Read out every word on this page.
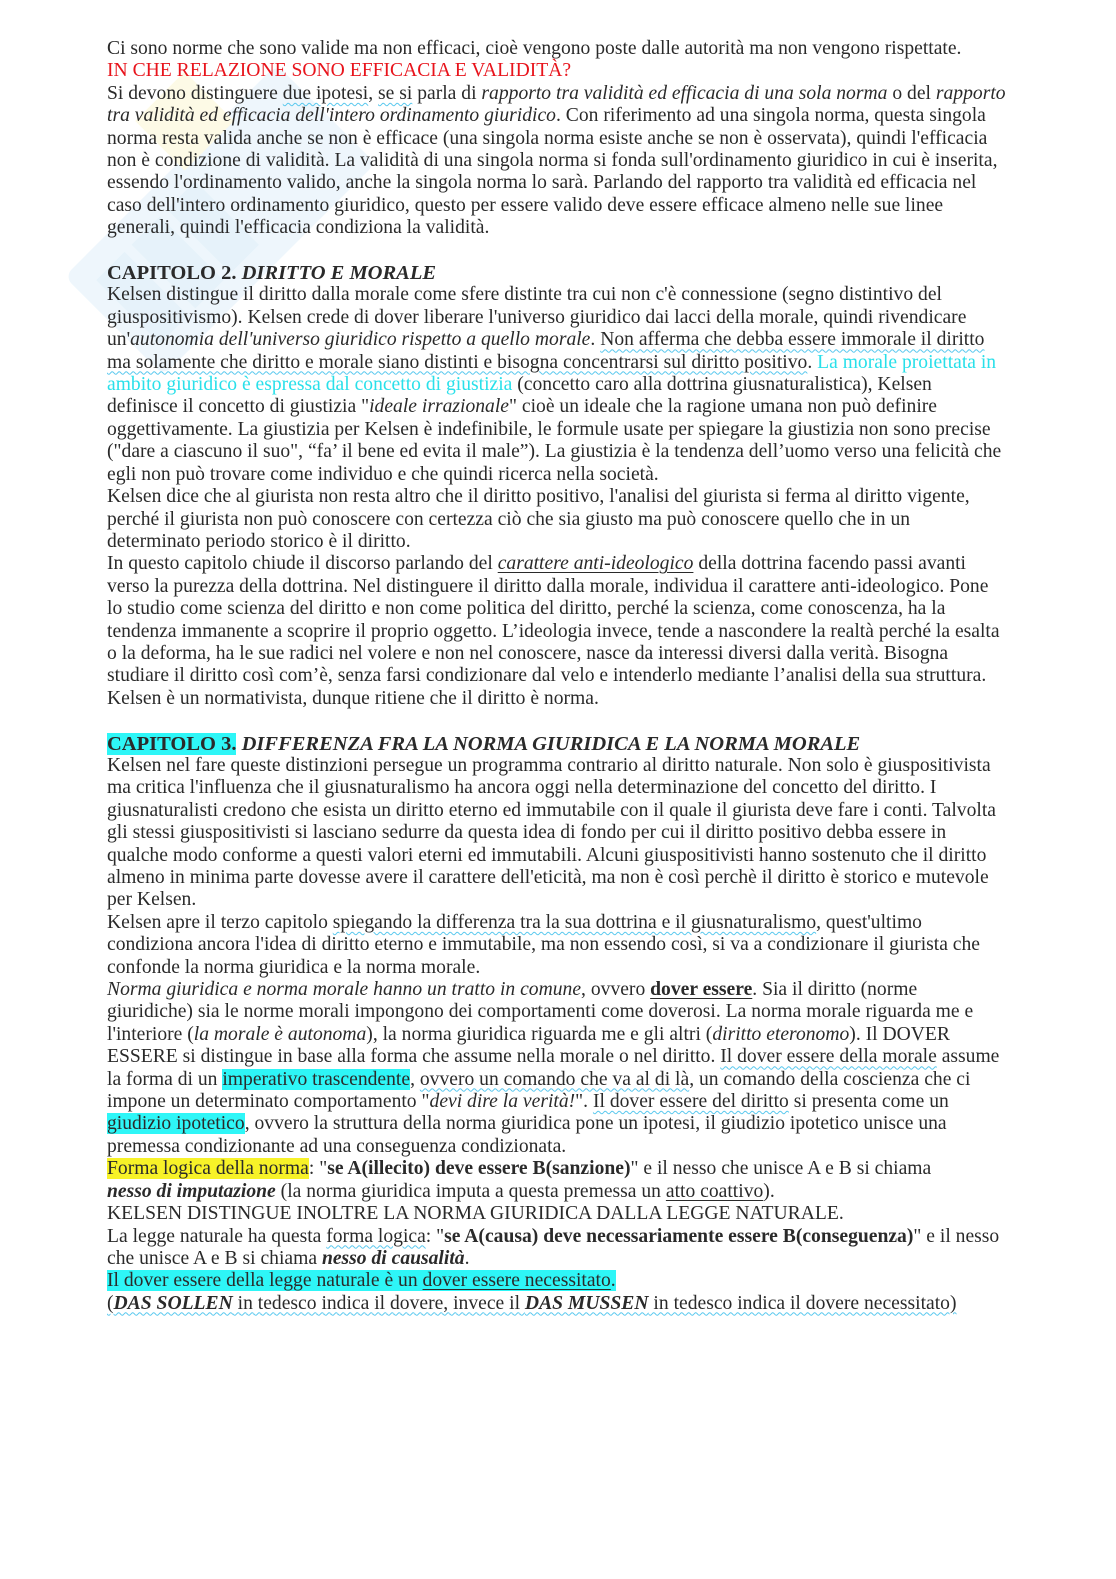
Ci sono norme che sono valide ma non efficaci, cioè vengono poste dalle autorità ma non vengono rispettate.

IN CHE RELAZIONE SONO EFFICACIA E VALIDITÀ?

Si devono distinguere due ipotesi, se si parla di rapporto tra validità ed efficacia di una sola norma o del rapporto tra validità ed efficacia dell'intero ordinamento giuridico. Con riferimento ad una singola norma, questa singola norma resta valida anche se non è efficace (una singola norma esiste anche se non è osservata), quindi l'efficacia non è condizione di validità. La validità di una singola norma si fonda sull'ordinamento giuridico in cui è inserita, essendo l'ordinamento valido, anche la singola norma lo sarà. Parlando del rapporto tra validità ed efficacia nel caso dell'intero ordinamento giuridico, questo per essere valido deve essere efficace almeno nelle sue linee generali, quindi l'efficacia condiziona la validità.

CAPITOLO 2. DIRITTO E MORALE

Kelsen distingue il diritto dalla morale come sfere distinte tra cui non c'è connessione (segno distintivo del giuspositivismo). Kelsen crede di dover liberare l'universo giuridico dai lacci della morale, quindi rivendicare un'autonomia dell'universo giuridico rispetto a quello morale. Non afferma che debba essere immorale il diritto ma solamente che diritto e morale siano distinti e bisogna concentrarsi sul diritto positivo. La morale proiettata in ambito giuridico è espressa dal concetto di giustizia (concetto caro alla dottrina giusnaturalistica), Kelsen definisce il concetto di giustizia "ideale irrazionale" cioè un ideale che la ragione umana non può definire oggettivamente. La giustizia per Kelsen è indefinibile, le formule usate per spiegare la giustizia non sono precise ("dare a ciascuno il suo", “fa’ il bene ed evita il male”). La giustizia è la tendenza dell’uomo verso una felicità che egli non può trovare come individuo e che quindi ricerca nella società.

Kelsen dice che al giurista non resta altro che il diritto positivo, l'analisi del giurista si ferma al diritto vigente, perché il giurista non può conoscere con certezza ciò che sia giusto ma può conoscere quello che in un determinato periodo storico è il diritto.

In questo capitolo chiude il discorso parlando del carattere anti-ideologico della dottrina facendo passi avanti verso la purezza della dottrina. Nel distinguere il diritto dalla morale, individua il carattere anti-ideologico. Pone lo studio come scienza del diritto e non come politica del diritto, perché la scienza, come conoscenza, ha la tendenza immanente a scoprire il proprio oggetto. L’ideologia invece, tende a nascondere la realtà perché la esalta o la deforma, ha le sue radici nel volere e non nel conoscere, nasce da interessi diversi dalla verità. Bisogna studiare il diritto così com’è, senza farsi condizionare dal velo e intenderlo mediante l’analisi della sua struttura.

Kelsen è un normativista, dunque ritiene che il diritto è norma.

CAPITOLO 3. DIFFERENZA FRA LA NORMA GIURIDICA E LA NORMA MORALE

Kelsen nel fare queste distinzioni persegue un programma contrario al diritto naturale. Non solo è giuspositivista ma critica l'influenza che il giusnaturalismo ha ancora oggi nella determinazione del concetto del diritto. I giusnaturalisti credono che esista un diritto eterno ed immutabile con il quale il giurista deve fare i conti. Talvolta gli stessi giuspositivisti si lasciano sedurre da questa idea di fondo per cui il diritto positivo debba essere in qualche modo conforme a questi valori eterni ed immutabili. Alcuni giuspositivisti hanno sostenuto che il diritto almeno in minima parte dovesse avere il carattere dell'eticità, ma non è così perchè il diritto è storico e mutevole per Kelsen.

Kelsen apre il terzo capitolo spiegando la differenza tra la sua dottrina e il giusnaturalismo, quest'ultimo condiziona ancora l'idea di diritto eterno e immutabile, ma non essendo così, si va a condizionare il giurista che confonde la norma giuridica e la norma morale.

Norma giuridica e norma morale hanno un tratto in comune, ovvero dover essere. Sia il diritto (norme giuridiche) sia le norme morali impongono dei comportamenti come doverosi. La norma morale riguarda me e l'interiore (la morale è autonoma), la norma giuridica riguarda me e gli altri (diritto eteronomo). Il DOVER ESSERE si distingue in base alla forma che assume nella morale o nel diritto. Il dover essere della morale assume la forma di un imperativo trascendente, ovvero un comando che va al di là, un comando della coscienza che ci impone un determinato comportamento "devi dire la verità!". Il dover essere del diritto si presenta come un giudizio ipotetico, ovvero la struttura della norma giuridica pone un ipotesi, il giudizio ipotetico unisce una premessa condizionante ad una conseguenza condizionata.

Forma logica della norma: "se A(illecito) deve essere B(sanzione)" e il nesso che unisce A e B si chiama

nesso di imputazione (la norma giuridica imputa a questa premessa un atto coattivo).

KELSEN DISTINGUE INOLTRE LA NORMA GIURIDICA DALLA LEGGE NATURALE.

La legge naturale ha questa forma logica: "se A(causa) deve necessariamente essere B(conseguenza)" e il nesso che unisce A e B si chiama nesso di causalità.

Il dover essere della legge naturale è un dover essere necessitato.

(DAS SOLLEN in tedesco indica il dovere, invece il DAS MUSSEN in tedesco indica il dovere necessitato)
